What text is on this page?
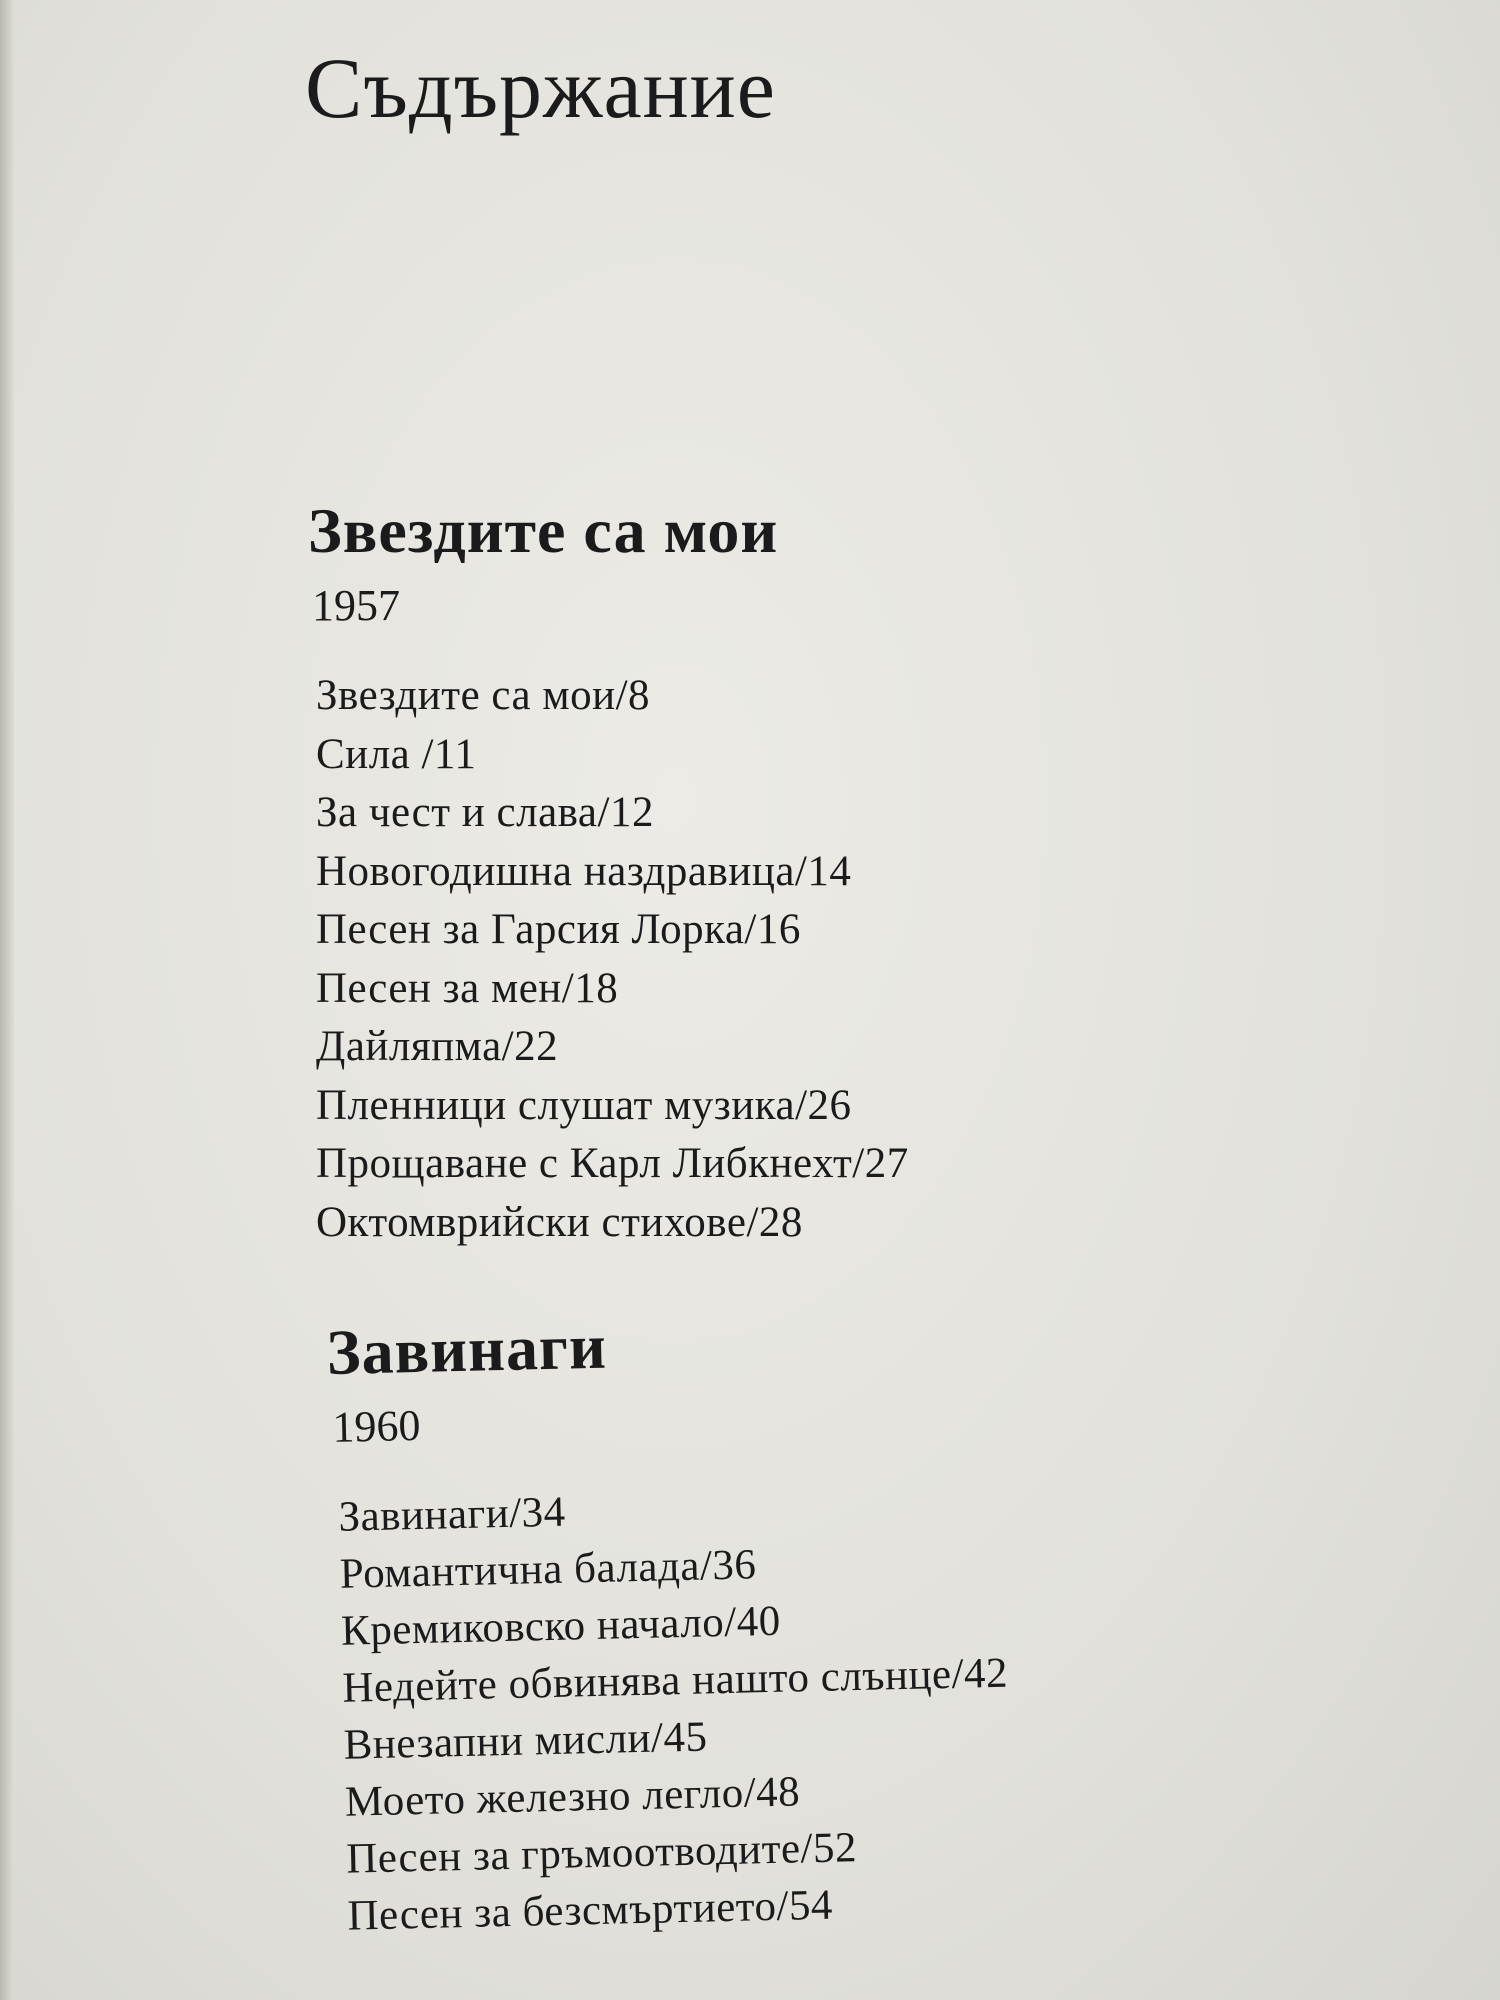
Съдържание
Звездите са мои
1957
Звездите са мои/8
Сила /11
За чест и слава/12
Новогодишна наздравица/14
Песен за Гарсия Лорка/16
Песен за мен/18
Дайляпма/22
Пленници слушат музика/26
Прощаване с Карл Либкнехт/27
Октомврийски стихове/28
Завинаги
1960
Завинаги/34
Романтична балада/36
Кремиковско начало/40
Недейте обвинява нашто слънце/42
Внезапни мисли/45
Моето железно легло/48
Песен за гръмоотводите/52
Песен за безсмъртието/54
